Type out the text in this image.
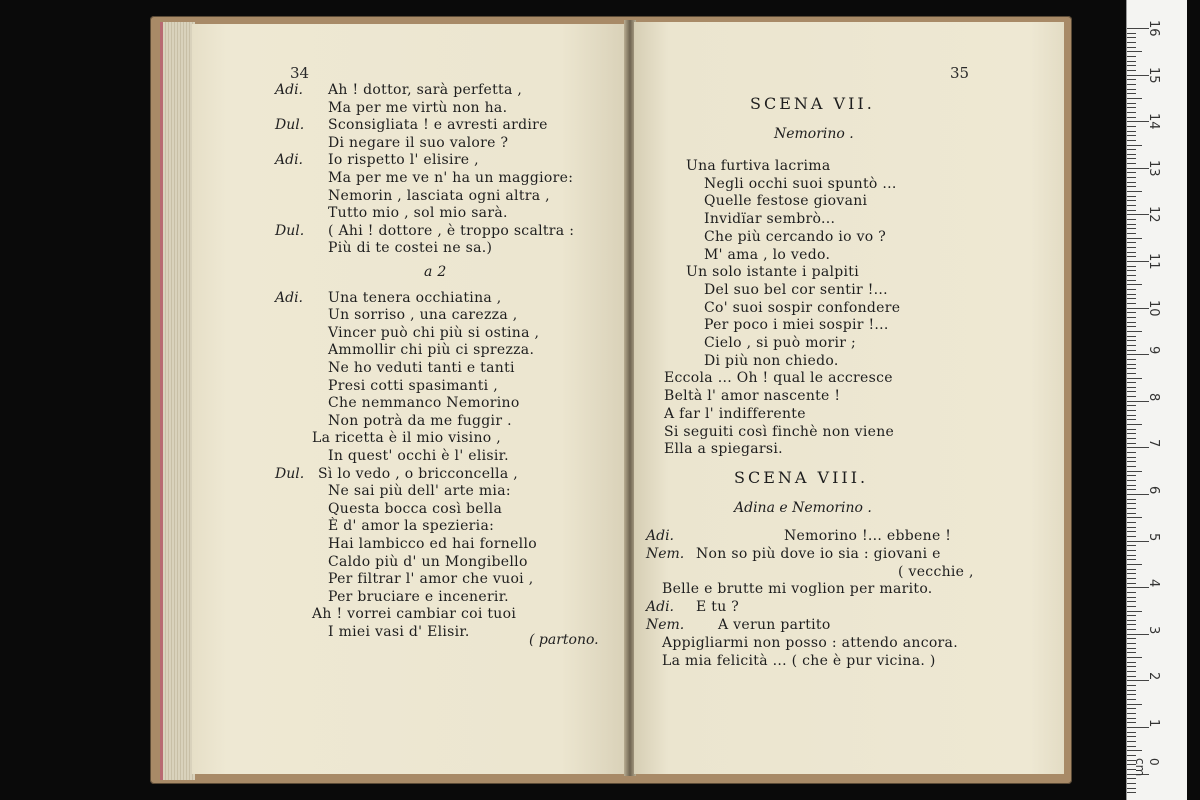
34
Adi. Ah ! dottor, sarà perfetta ,
Ma per me virtù non ha.
Dul. Sconsigliata ! e avresti ardire
Di negare il suo valore ?
Adi. Io rispetto l' elisire ,
Ma per me ve n' ha un maggiore:
Nemorin , lasciata ogni altra ,
Tutto mio , sol mio sarà.
Dul. ( Ahi ! dottore , è troppo scaltra :
Più di te costei ne sa.)
a 2
Adi. Una tenera occhiatina ,
Un sorriso , una carezza ,
Vincer può chi più si ostina ,
Ammollir chi più ci sprezza.
Ne ho veduti tanti e tanti
Presi cotti spasimanti ,
Che nemmanco Nemorino
Non potrà da me fuggir .
La ricetta è il mio visino ,
In quest' occhi è l' elisir.
Dul. Sì lo vedo , o bricconcella ,
Ne sai più dell' arte mia:
Questa bocca così bella
È d' amor la spezieria:
Hai lambicco ed hai fornello
Caldo più d' un Mongibello
Per filtrar l' amor che vuoi ,
Per bruciare e incenerir.
Ah ! vorrei cambiar coi tuoi
I miei vasi d' Elisir.	( partono.
35
SCENA VII.
Nemorino .
Una furtiva lacrima
Negli occhi suoi spuntò ...
Quelle festose giovani
Invidïar sembrò...
Che più cercando io vo ?
M' ama , lo vedo.
Un solo istante i palpiti
Del suo bel cor sentir !...
Co' suoi sospir confondere
Per poco i miei sospir !...
Cielo , si può morir ;
Di più non chiedo.
Eccola ... Oh ! qual le accresce
Beltà l' amor nascente !
A far l' indifferente
Si seguiti così finchè non viene
Ella a spiegarsi.
SCENA VIII.
Adina e Nemorino .
Adi.	Nemorino !... ebbene !
Nem. Non so più dove io sia : giovani e
( vecchie ,
Belle e brutte mi voglion per marito.
Adi. E tu ?
Nem. A verun partito
Appigliarmi non posso : attendo ancora.
La mia felicità ... ( che è pur vicina. )
16
15
14
13
12
11
10
9
8
7
6
5
4
3
2
1
0 cm
